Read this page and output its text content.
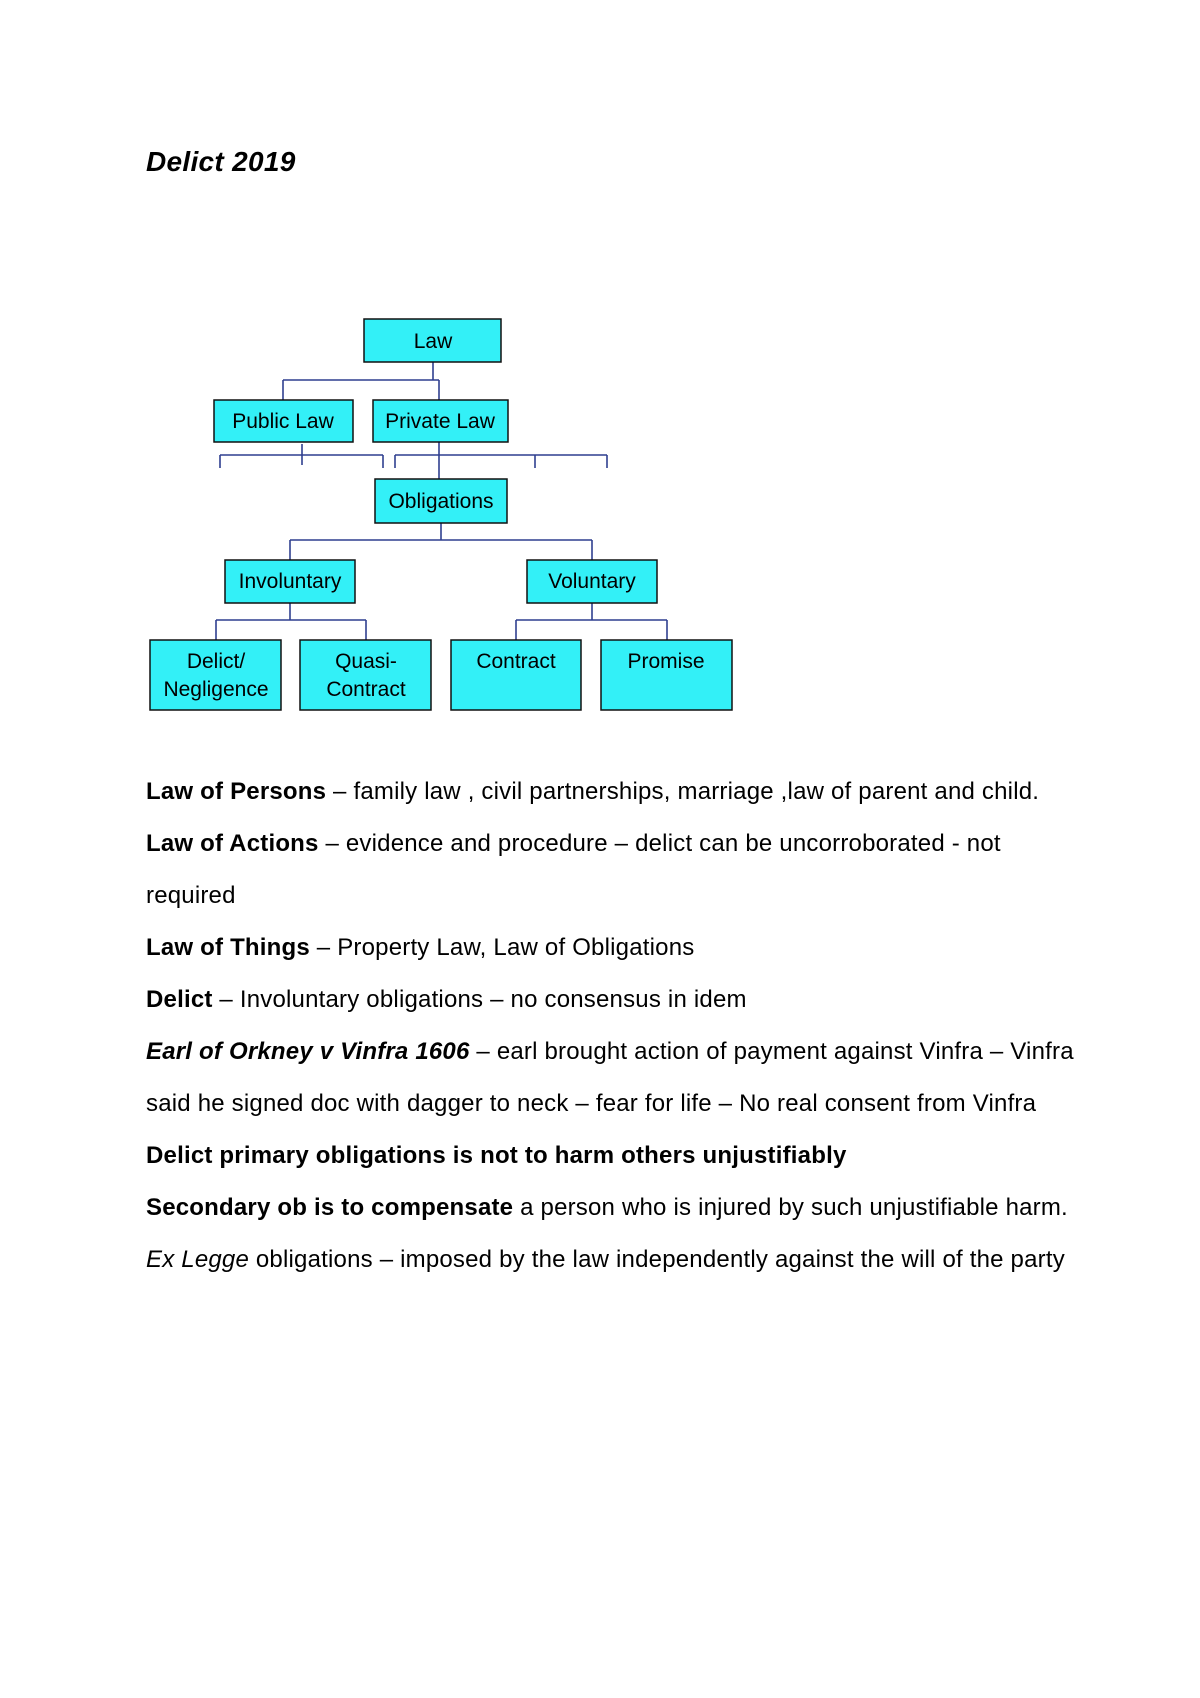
Delict 2019
Law
Public Law Private Law
Obligations
Involuntary	Voluntary
Delict/
Negligence
Quasi-
Contract
Contract	Promise

Law of Persons – family law , civil partnerships, marriage ,law of parent and child.

Law of Actions – evidence and procedure – delict can be uncorroborated - not required

Law of Things – Property Law, Law of Obligations

Delict – Involuntary obligations – no consensus in idem

Earl of Orkney v Vinfra 1606 – earl brought action of payment against Vinfra – Vinfra said he signed doc with dagger to neck – fear for life – No real consent from Vinfra

Delict primary obligations is not to harm others unjustifiably

Secondary ob is to compensate a person who is injured by such unjustifiable harm.

Ex Legge obligations – imposed by the law independently against the will of the party
